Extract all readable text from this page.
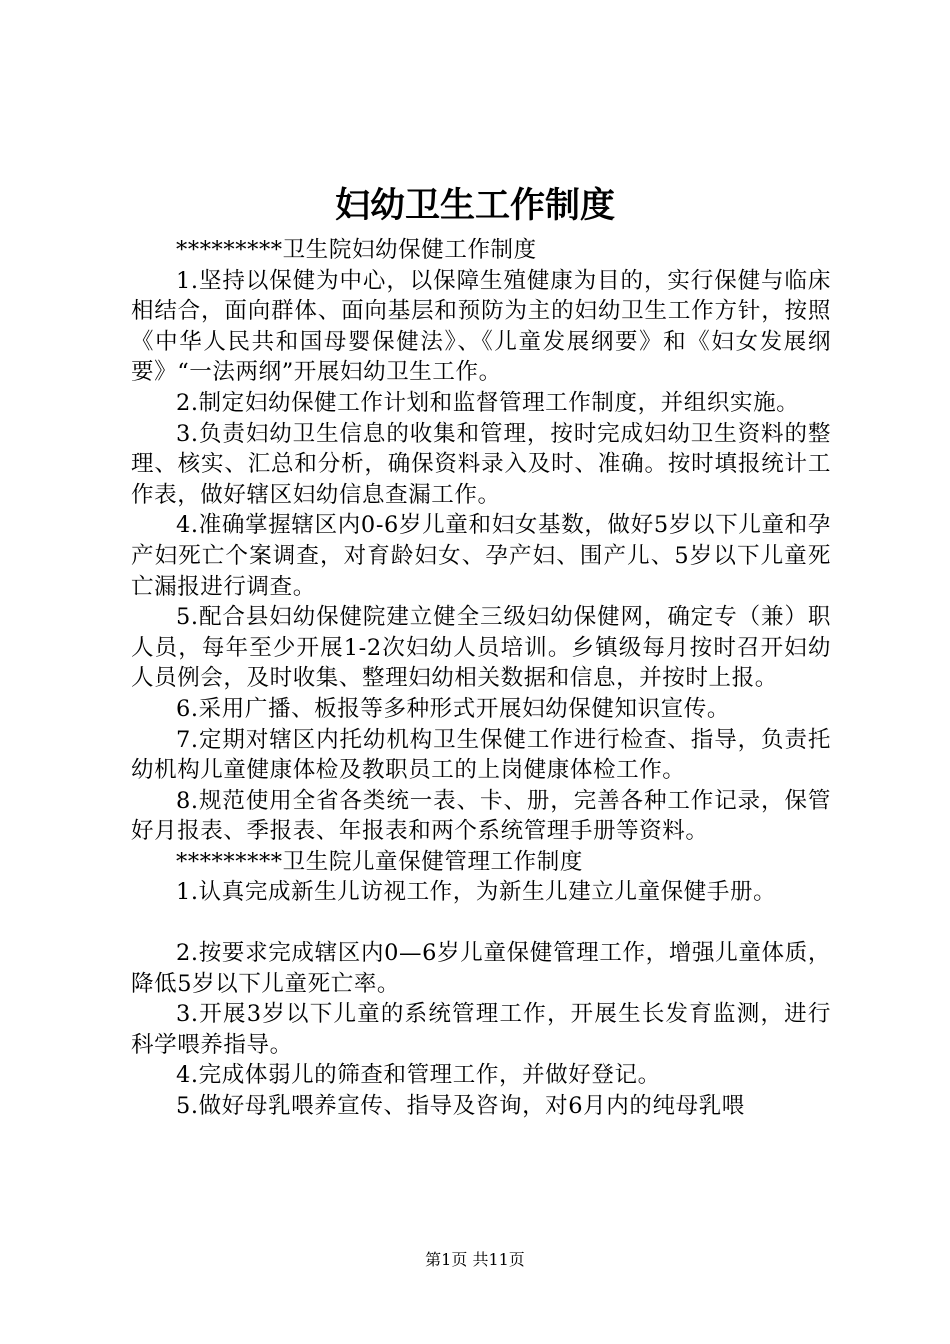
妇幼卫生工作制度

*********卫生院妇幼保健工作制度

1.坚持以保健为中心，以保障生殖健康为目的，实行保健与临床相结合，面向群体、面向基层和预防为主的妇幼卫生工作方针，按照《中华人民共和国母婴保健法》、《儿童发展纲要》和《妇女发展纲要》“一法两纲”开展妇幼卫生工作。

2.制定妇幼保健工作计划和监督管理工作制度，并组织实施。

3.负责妇幼卫生信息的收集和管理，按时完成妇幼卫生资料的整理、核实、汇总和分析，确保资料录入及时、准确。按时填报统计工作表，做好辖区妇幼信息查漏工作。

4.准确掌握辖区内0-6岁儿童和妇女基数，做好5岁以下儿童和孕产妇死亡个案调查，对育龄妇女、孕产妇、围产儿、5岁以下儿童死亡漏报进行调查。

5.配合县妇幼保健院建立健全三级妇幼保健网，确定专（兼）职人员，每年至少开展1-2次妇幼人员培训。乡镇级每月按时召开妇幼人员例会，及时收集、整理妇幼相关数据和信息，并按时上报。

6.采用广播、板报等多种形式开展妇幼保健知识宣传。

7.定期对辖区内托幼机构卫生保健工作进行检查、指导，负责托幼机构儿童健康体检及教职员工的上岗健康体检工作。

8.规范使用全省各类统一表、卡、册，完善各种工作记录，保管好月报表、季报表、年报表和两个系统管理手册等资料。

*********卫生院儿童保健管理工作制度

1.认真完成新生儿访视工作，为新生儿建立儿童保健手册。

2.按要求完成辖区内0—6岁儿童保健管理工作，增强儿童体质，降低5岁以下儿童死亡率。

3.开展3岁以下儿童的系统管理工作，开展生长发育监测，进行科学喂养指导。

4.完成体弱儿的筛查和管理工作，并做好登记。

5.做好母乳喂养宣传、指导及咨询，对6月内的纯母乳喂

第1页 共11页
